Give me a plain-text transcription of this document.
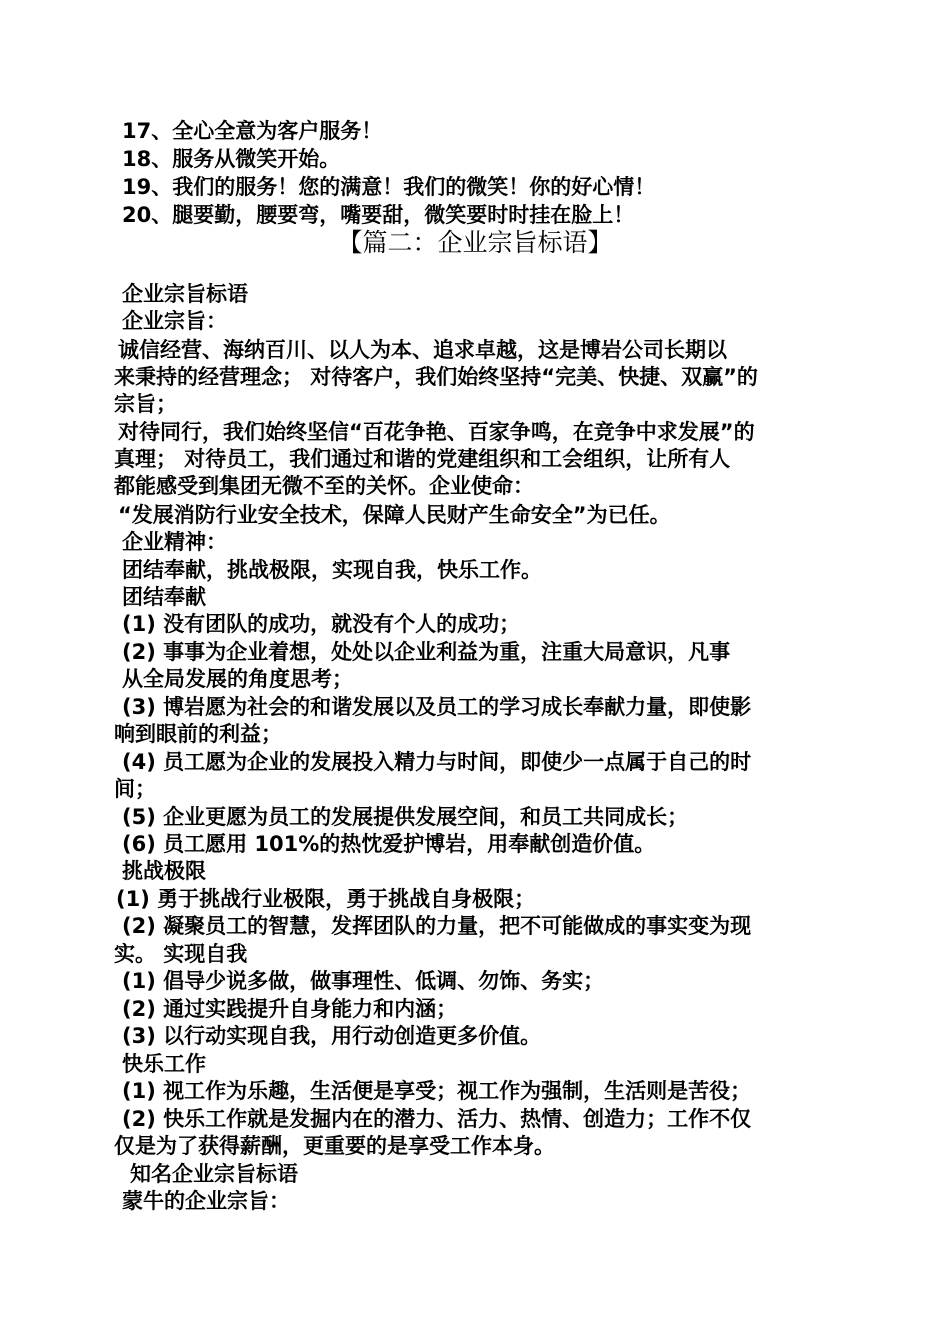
17、全心全意为客户服务！
18、服务从微笑开始。
19、我们的服务！您的满意！我们的微笑！你的好心情！
20、腿要勤，腰要弯，嘴要甜，微笑要时时挂在脸上！
【篇二：企业宗旨标语】
企业宗旨标语
企业宗旨：
诚信经营、海纳百川、以人为本、追求卓越，这是博岩公司长期以
来秉持的经营理念； 对待客户，我们始终坚持“完美、快捷、双赢”的
宗旨；
对待同行，我们始终坚信“百花争艳、百家争鸣，在竞争中求发展”的
真理； 对待员工，我们通过和谐的党建组织和工会组织，让所有人
都能感受到集团无微不至的关怀。企业使命：
“发展消防行业安全技术，保障人民财产生命安全”为已任。
企业精神：
团结奉献，挑战极限，实现自我，快乐工作。
团结奉献
(1) 没有团队的成功，就没有个人的成功；
(2) 事事为企业着想，处处以企业利益为重，注重大局意识，凡事
从全局发展的角度思考；
(3) 博岩愿为社会的和谐发展以及员工的学习成长奉献力量，即使影
响到眼前的利益；
(4) 员工愿为企业的发展投入精力与时间，即使少一点属于自己的时
间；
(5) 企业更愿为员工的发展提供发展空间，和员工共同成长；
(6) 员工愿用 101%的热忱爱护博岩，用奉献创造价值。
挑战极限
(1) 勇于挑战行业极限，勇于挑战自身极限；
(2) 凝聚员工的智慧，发挥团队的力量，把不可能做成的事实变为现
实。 实现自我
(1) 倡导少说多做，做事理性、低调、勿饰、务实；
(2) 通过实践提升自身能力和内涵；
(3) 以行动实现自我，用行动创造更多价值。
快乐工作
(1) 视工作为乐趣，生活便是享受；视工作为强制，生活则是苦役；
(2) 快乐工作就是发掘内在的潜力、活力、热情、创造力；工作不仅
仅是为了获得薪酬，更重要的是享受工作本身。
知名企业宗旨标语
蒙牛的企业宗旨：
